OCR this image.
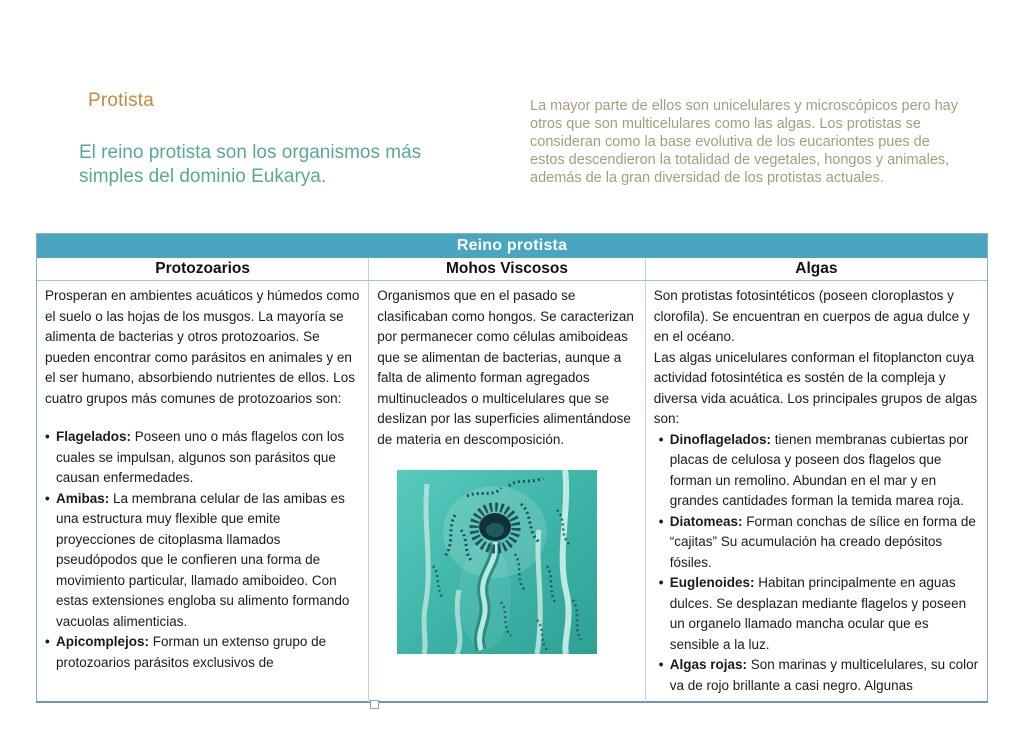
Protista
El reino protista son los organismos más simples del dominio Eukarya.
La mayor parte de ellos son unicelulares y microscópicos pero hay otros que son multicelulares como las algas. Los protistas se consideran como la base evolutiva de los eucariontes pues de estos descendieron la totalidad de vegetales, hongos y animales, además de la gran diversidad de los protistas actuales.
Reino protista
Protozoarios	Mohos Viscosos	Algas
Prosperan en ambientes acuáticos y húmedos como el suelo o las hojas de los musgos. La mayoría se alimenta de bacterias y otros protozoarios. Se pueden encontrar como parásitos en animales y en el ser humano, absorbiendo nutrientes de ellos. Los cuatro grupos más comunes de protozoarios son:
• Flagelados: Poseen uno o más flagelos con los cuales se impulsan, algunos son parásitos que causan enfermedades.
• Amibas: La membrana celular de las amibas es una estructura muy flexible que emite proyecciones de citoplasma llamados pseudópodos que le confieren una forma de movimiento particular, llamado amiboideo. Con estas extensiones engloba su alimento formando vacuolas alimenticias.
• Apicomplejos: Forman un extenso grupo de protozoarios parásitos exclusivos de
Organismos que en el pasado se clasificaban como hongos. Se caracterizan por permanecer como células amiboideas que se alimentan de bacterias, aunque a falta de alimento forman agregados multinucleados o multicelulares que se deslizan por las superficies alimentándose de materia en descomposición.
Son protistas fotosintéticos (poseen cloroplastos y clorofila). Se encuentran en cuerpos de agua dulce y en el océano.
Las algas unicelulares conforman el fitoplancton cuya actividad fotosintética es sostén de la compleja y diversa vida acuática. Los principales grupos de algas son:
• Dinoflagelados: tienen membranas cubiertas por placas de celulosa y poseen dos flagelos que forman un remolino. Abundan en el mar y en grandes cantidades forman la temida marea roja.
• Diatomeas: Forman conchas de sílice en forma de “cajitas” Su acumulación ha creado depósitos fósiles.
• Euglenoides: Habitan principalmente en aguas dulces. Se desplazan mediante flagelos y poseen un organelo llamado mancha ocular que es sensible a la luz.
• Algas rojas: Son marinas y multicelulares, su color va de rojo brillante a casi negro. Algunas
